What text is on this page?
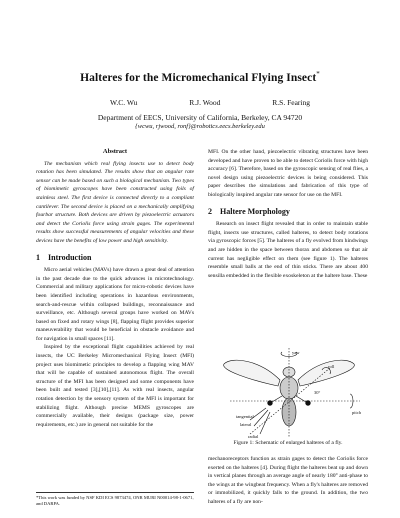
Halteres for the Micromechanical Flying Insect*
W.C. Wu	R.J. Wood	R.S. Fearing
Department of EECS, University of California, Berkeley, CA 94720
{wcwu, rjwood, ronf}@robotics.eecs.berkeley.edu
Abstract

The mechanism which real flying insects use to detect body rotation has been simulated. The results show that an angular rate sensor can be made based on such a biological mechanism. Two types of biomimetic gyroscopes have been constructed using foils of stainless steel. The first device is connected directly to a compliant cantilever. The second device is placed on a mechanically amplifying fourbar structure. Both devices are driven by piezoelectric actuators and detect the Coriolis force using strain gages. The experimental results show successful measurements of angular velocities and these devices have the benefits of low power and high sensitivity.

1 Introduction

Micro aerial vehicles (MAVs) have drawn a great deal of attention in the past decade due to the quick advances in microtechnology. Commercial and military applications for micro-robotic devices have been identified including operations in hazardous environments, search-and-rescue within collapsed buildings, reconnaissance and surveillance, etc. Although several groups have worked on MAVs based on fixed and rotary wings [8], flapping flight provides superior maneuverability that would be beneficial in obstacle avoidance and for navigation in small spaces [11].

Inspired by the exceptional flight capabilities achieved by real insects, the UC Berkeley Micromechanical Flying Insect (MFI) project uses biomimetic principles to develop a flapping wing MAV that will be capable of sustained autonomous flight. The overall structure of the MFI has been designed and some components have been built and tested [3],[10],[11]. As with real insects, angular rotation detection by the sensory system of the MFI is important for stabilizing flight. Although precise MEMS gyroscopes are commercially available, their designs (package size, power requirements, etc.) are in general not suitable for the

*This work was funded by NSF KDI ECS 9873474, ONR MURI N00014-98-1-0671, and DARPA.

MFI. On the other hand, piezoelectric vibrating structures have been developed and have proven to be able to detect Coriolis force with high accuracy [6]. Therefore, based on the gyroscopic sensing of real flies, a novel design using piezoelectric devices is being considered. This paper describes the simulations and fabrication of this type of biologically inspired angular rate sensor for use on the MFI.

2 Haltere Morphology

Research on insect flight revealed that in order to maintain stable flight, insects use structures, called halteres, to detect body rotations via gyroscopic forces [5]. The halteres of a fly evolved from hindwings and are hidden in the space between thorax and abdomen so that air current has negligible effect on them (see figure 1). The halteres resemble small balls at the end of thin sticks. There are about 400 sensilla embedded in the flexible exoskeleton at the haltere base. These

yaw
roll
pitch
tangential
lateral
radial
30°
Figure 1: Schematic of enlarged halteres of a fly.

mechanoreceptors function as strain gages to detect the Coriolis force exerted on the halteres [4]. During flight the halteres beat up and down in vertical planes through an average angle of nearly 180° anti-phase to the wings at the wingbeat frequency. When a fly's halteres are removed or immobilized, it quickly falls to the ground. In addition, the two halteres of a fly are non-
